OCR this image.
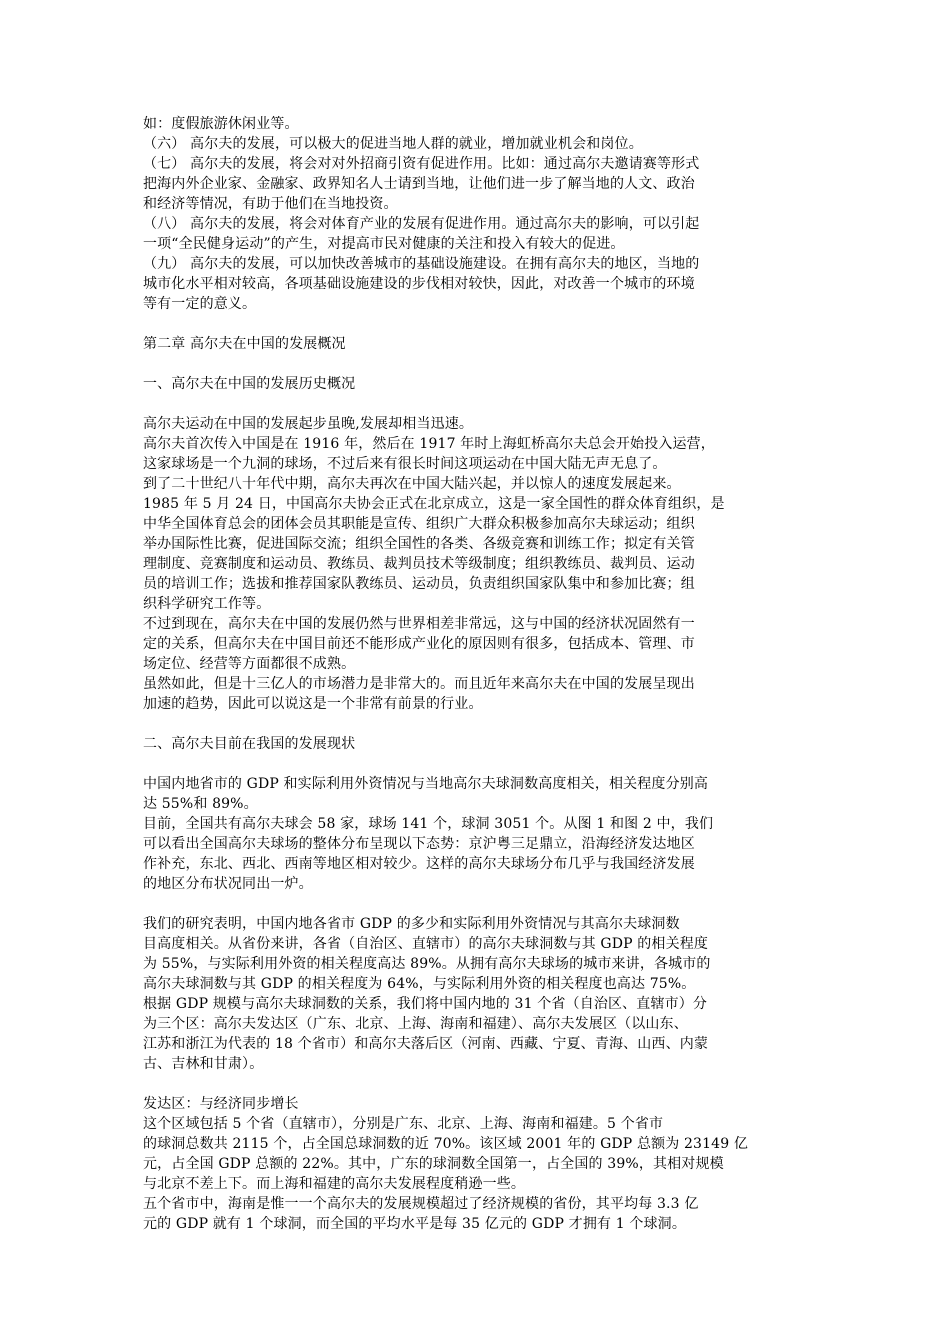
如：度假旅游休闲业等。
（六） 高尔夫的发展，可以极大的促进当地人群的就业，增加就业机会和岗位。
（七） 高尔夫的发展，将会对对外招商引资有促进作用。比如：通过高尔夫邀请赛等形式
把海内外企业家、金融家、政界知名人士请到当地，让他们进一步了解当地的人文、政治
和经济等情况，有助于他们在当地投资。
（八） 高尔夫的发展，将会对体育产业的发展有促进作用。通过高尔夫的影响，可以引起
一项“全民健身运动”的产生，对提高市民对健康的关注和投入有较大的促进。
（九） 高尔夫的发展，可以加快改善城市的基础设施建设。在拥有高尔夫的地区，当地的
城市化水平相对较高，各项基础设施建设的步伐相对较快，因此，对改善一个城市的环境
等有一定的意义。
第二章 高尔夫在中国的发展概况
一、高尔夫在中国的发展历史概况
高尔夫运动在中国的发展起步虽晚,发展却相当迅速。
高尔夫首次传入中国是在 1916 年，然后在 1917 年时上海虹桥高尔夫总会开始投入运营，
这家球场是一个九洞的球场，不过后来有很长时间这项运动在中国大陆无声无息了。
到了二十世纪八十年代中期，高尔夫再次在中国大陆兴起，并以惊人的速度发展起来。
1985 年 5 月 24 日，中国高尔夫协会正式在北京成立，这是一家全国性的群众体育组织，是
中华全国体育总会的团体会员其职能是宣传、组织广大群众积极参加高尔夫球运动；组织
举办国际性比赛，促进国际交流；组织全国性的各类、各级竞赛和训练工作；拟定有关管
理制度、竞赛制度和运动员、教练员、裁判员技术等级制度；组织教练员、裁判员、运动
员的培训工作；选拔和推荐国家队教练员、运动员，负责组织国家队集中和参加比赛；组
织科学研究工作等。
不过到现在，高尔夫在中国的发展仍然与世界相差非常远，这与中国的经济状况固然有一
定的关系，但高尔夫在中国目前还不能形成产业化的原因则有很多，包括成本、管理、市
场定位、经营等方面都很不成熟。
虽然如此，但是十三亿人的市场潜力是非常大的。而且近年来高尔夫在中国的发展呈现出
加速的趋势，因此可以说这是一个非常有前景的行业。
二、高尔夫目前在我国的发展现状
中国内地省市的 GDP 和实际利用外资情况与当地高尔夫球洞数高度相关，相关程度分别高
达 55%和 89%。
目前，全国共有高尔夫球会 58 家，球场 141 个，球洞 3051 个。从图 1 和图 2 中，我们
可以看出全国高尔夫球场的整体分布呈现以下态势：京沪粤三足鼎立，沿海经济发达地区
作补充，东北、西北、西南等地区相对较少。这样的高尔夫球场分布几乎与我国经济发展
的地区分布状况同出一炉。
我们的研究表明，中国内地各省市 GDP 的多少和实际利用外资情况与其高尔夫球洞数
目高度相关。从省份来讲，各省（自治区、直辖市）的高尔夫球洞数与其 GDP 的相关程度
为 55%，与实际利用外资的相关程度高达 89%。从拥有高尔夫球场的城市来讲，各城市的
高尔夫球洞数与其 GDP 的相关程度为 64%，与实际利用外资的相关程度也高达 75%。
根据 GDP 规模与高尔夫球洞数的关系，我们将中国内地的 31 个省（自治区、直辖市）分
为三个区：高尔夫发达区（广东、北京、上海、海南和福建）、高尔夫发展区（以山东、
江苏和浙江为代表的 18 个省市）和高尔夫落后区（河南、西藏、宁夏、青海、山西、内蒙
古、吉林和甘肃）。
发达区：与经济同步增长
这个区域包括 5 个省（直辖市），分别是广东、北京、上海、海南和福建。5 个省市
的球洞总数共 2115 个，占全国总球洞数的近 70%。该区域 2001 年的 GDP 总额为 23149 亿
元，占全国 GDP 总额的 22%。其中，广东的球洞数全国第一，占全国的 39%，其相对规模
与北京不差上下。而上海和福建的高尔夫发展程度稍逊一些。
五个省市中，海南是惟一一个高尔夫的发展规模超过了经济规模的省份，其平均每 3.3 亿
元的 GDP 就有 1 个球洞，而全国的平均水平是每 35 亿元的 GDP 才拥有 1 个球洞。
